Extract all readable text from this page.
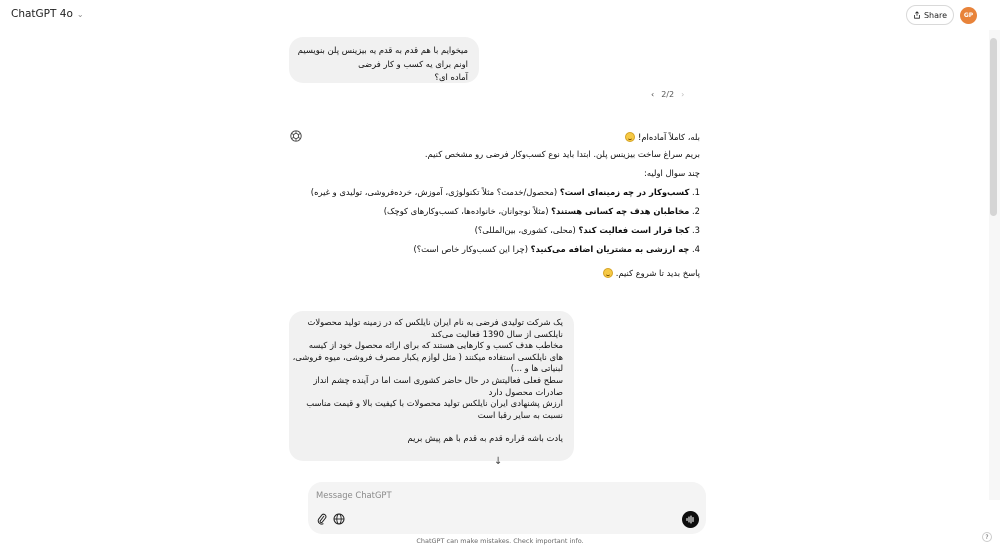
ChatGPT 4o ⌄	Share	GP
میخوایم با هم قدم به قدم یه بیزینس پلن بنویسیم
اونم برای یه کسب و کار فرضی
آماده ای؟
‹ 2/2 ›
بله، کاملاً آماده‌ام!
بریم سراغ ساخت بیزینس پلن. ابتدا باید نوع کسب‌وکار فرضی رو مشخص کنیم.
چند سوال اولیه:
1. کسب‌وکار در چه زمینه‌ای است؟ (محصول/خدمت؟ مثلاً تکنولوژی، آموزش، خرده‌فروشی، تولیدی و غیره)
2. مخاطبان هدف چه کسانی هستند؟ (مثلاً نوجوانان، خانواده‌ها، کسب‌وکارهای کوچک)
3. کجا قرار است فعالیت کند؟ (محلی، کشوری، بین‌المللی؟)
4. چه ارزشی به مشتریان اضافه می‌کنید؟ (چرا این کسب‌وکار خاص است؟)
پاسخ بدید تا شروع کنیم.
یک شرکت تولیدی فرضی به نام ایران نایلکس که در زمینه تولید محصولات
نایلکسی از سال 1390 فعالیت می‌کند
مخاطب هدف کسب و کارهایی هستند که برای ارائه محصول خود از کیسه
های نایلکسی استفاده میکنند ( مثل لوازم یکبار مصرف فروشی، میوه فروشی،
لبنیاتی ها و ...)
سطح فعلی فعالیتش در حال حاضر کشوری است اما در آینده چشم انداز
صادرات محصول دارد
ارزش پشنهادی ایران نایلکس تولید محصولات با کیفیت بالا و قیمت مناسب
نسبت به سایر رقبا است
یادت باشه قراره قدم به قدم با هم پیش بریم
↓
Message ChatGPT
ChatGPT can make mistakes. Check important info.	?
